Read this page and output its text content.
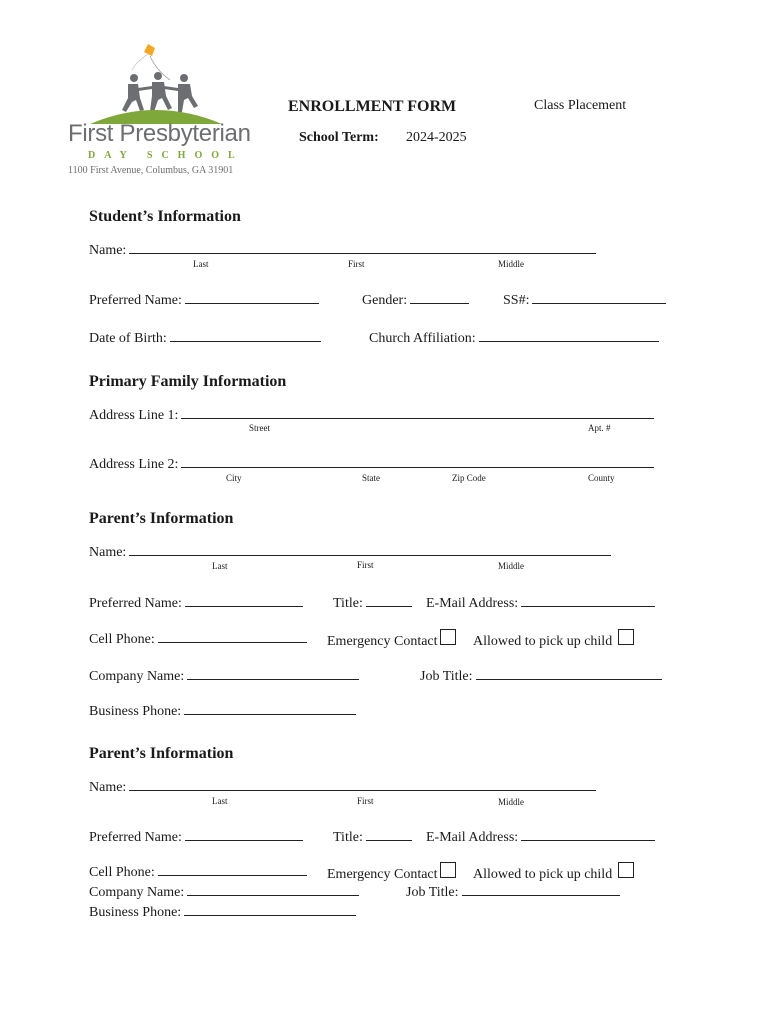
First Presbyterian
DAY SCHOOL
1100 First Avenue, Columbus, GA 31901
ENROLLMENT FORM	Class Placement
School Term: 2024-2025
Student’s Information
Name:
Last	First	Middle
Preferred Name:	Gender:	SS#:
Date of Birth:	Church Affiliation:
Primary Family Information
Address Line 1:
Street	Apt. #
Address Line 2:
City	State	Zip Code	County
Parent’s Information
Name:
Last	First	Middle
Preferred Name:	Title:	E-Mail Address:
Cell Phone:	Emergency Contact	Allowed to pick up child
Company Name:	Job Title:
Business Phone:
Parent’s Information
Name:
Last	First	Middle
Preferred Name:	Title:	E-Mail Address:
Cell Phone:	Emergency Contact	Allowed to pick up child
Company Name:	Job Title:
Business Phone:
